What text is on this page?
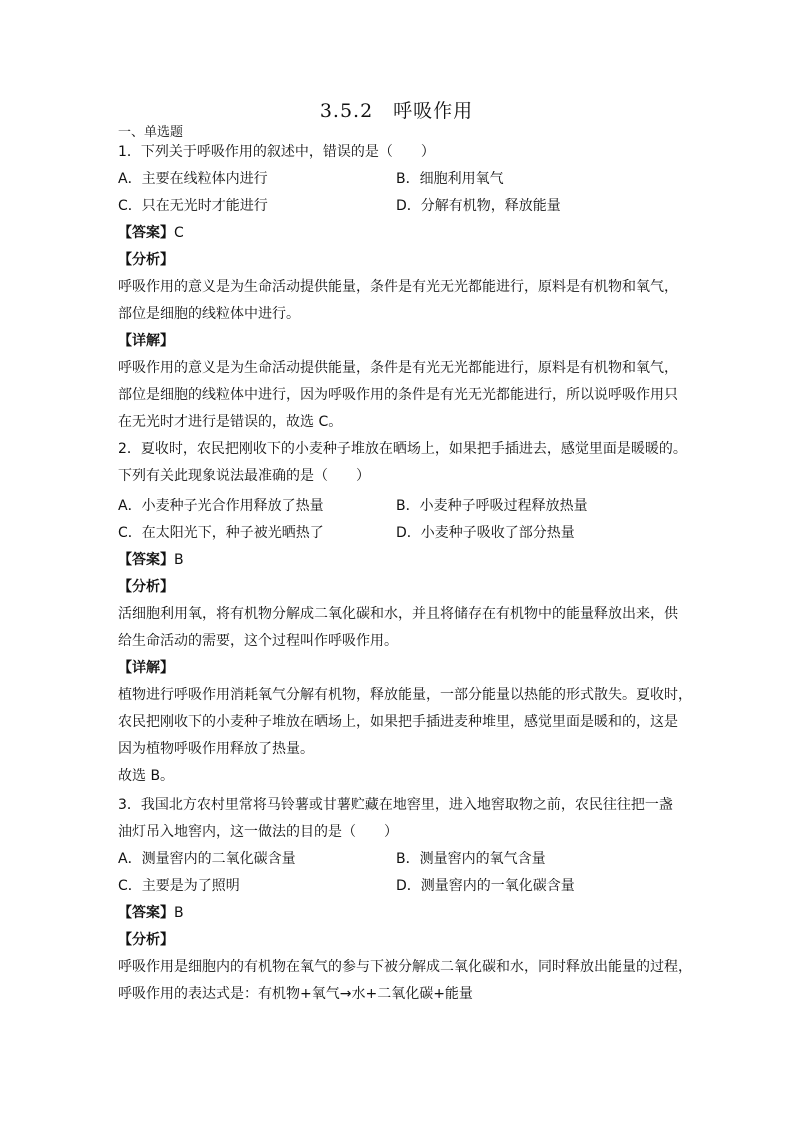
3.5.2　呼吸作用
一、单选题
1．下列关于呼吸作用的叙述中，错误的是（　　）
A．主要在线粒体内进行	B．细胞利用氧气
C．只在无光时才能进行	D．分解有机物，释放能量
【答案】C
【分析】
呼吸作用的意义是为生命活动提供能量，条件是有光无光都能进行，原料是有机物和氧气，
部位是细胞的线粒体中进行。
【详解】
呼吸作用的意义是为生命活动提供能量，条件是有光无光都能进行，原料是有机物和氧气，
部位是细胞的线粒体中进行，因为呼吸作用的条件是有光无光都能进行，所以说呼吸作用只
在无光时才进行是错误的，故选 C。
2．夏收时，农民把刚收下的小麦种子堆放在晒场上，如果把手插进去，感觉里面是暖暖的。
下列有关此现象说法最准确的是（　　）
A．小麦种子光合作用释放了热量	B．小麦种子呼吸过程释放热量
C．在太阳光下，种子被光晒热了	D．小麦种子吸收了部分热量
【答案】B
【分析】
活细胞利用氧，将有机物分解成二氧化碳和水，并且将储存在有机物中的能量释放出来，供
给生命活动的需要，这个过程叫作呼吸作用。
【详解】
植物进行呼吸作用消耗氧气分解有机物，释放能量，一部分能量以热能的形式散失。夏收时，
农民把刚收下的小麦种子堆放在晒场上，如果把手插进麦种堆里，感觉里面是暖和的，这是
因为植物呼吸作用释放了热量。
故选 B。
3．我国北方农村里常将马铃薯或甘薯贮藏在地窖里，进入地窖取物之前，农民往往把一盏
油灯吊入地窖内，这一做法的目的是（　　）
A．测量窖内的二氧化碳含量	B．测量窖内的氧气含量
C．主要是为了照明	D．测量窖内的一氧化碳含量
【答案】B
【分析】
呼吸作用是细胞内的有机物在氧气的参与下被分解成二氧化碳和水，同时释放出能量的过程，
呼吸作用的表达式是：有机物+氧气→水+二氧化碳+能量
